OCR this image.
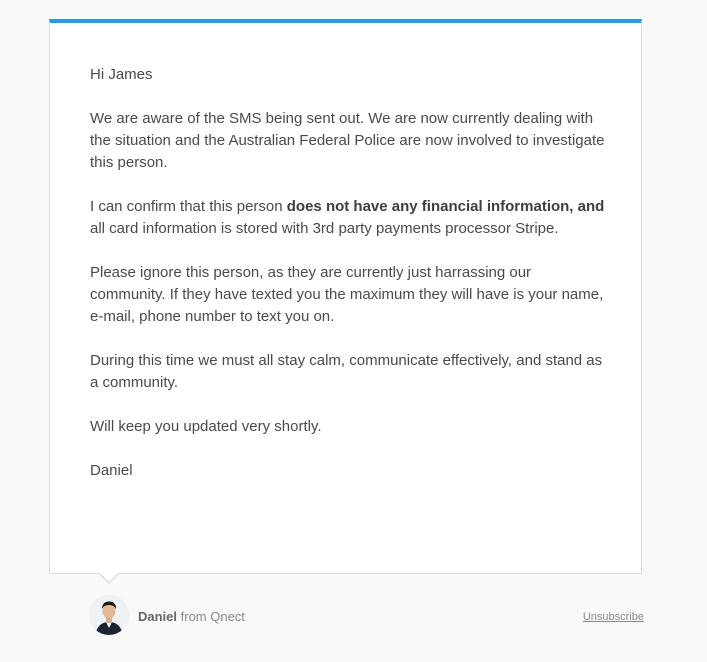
Hi James

We are aware of the SMS being sent out. We are now currently dealing with the situation and the Australian Federal Police are now involved to investigate this person.

I can confirm that this person does not have any financial information, and all card information is stored with 3rd party payments processor Stripe.

Please ignore this person, as they are currently just harrassing our community. If they have texted you the maximum they will have is your name, e-mail, phone number to text you on.

During this time we must all stay calm, communicate effectively, and stand as a community.

Will keep you updated very shortly.

Daniel

Daniel from Qnect	Unsubscribe
